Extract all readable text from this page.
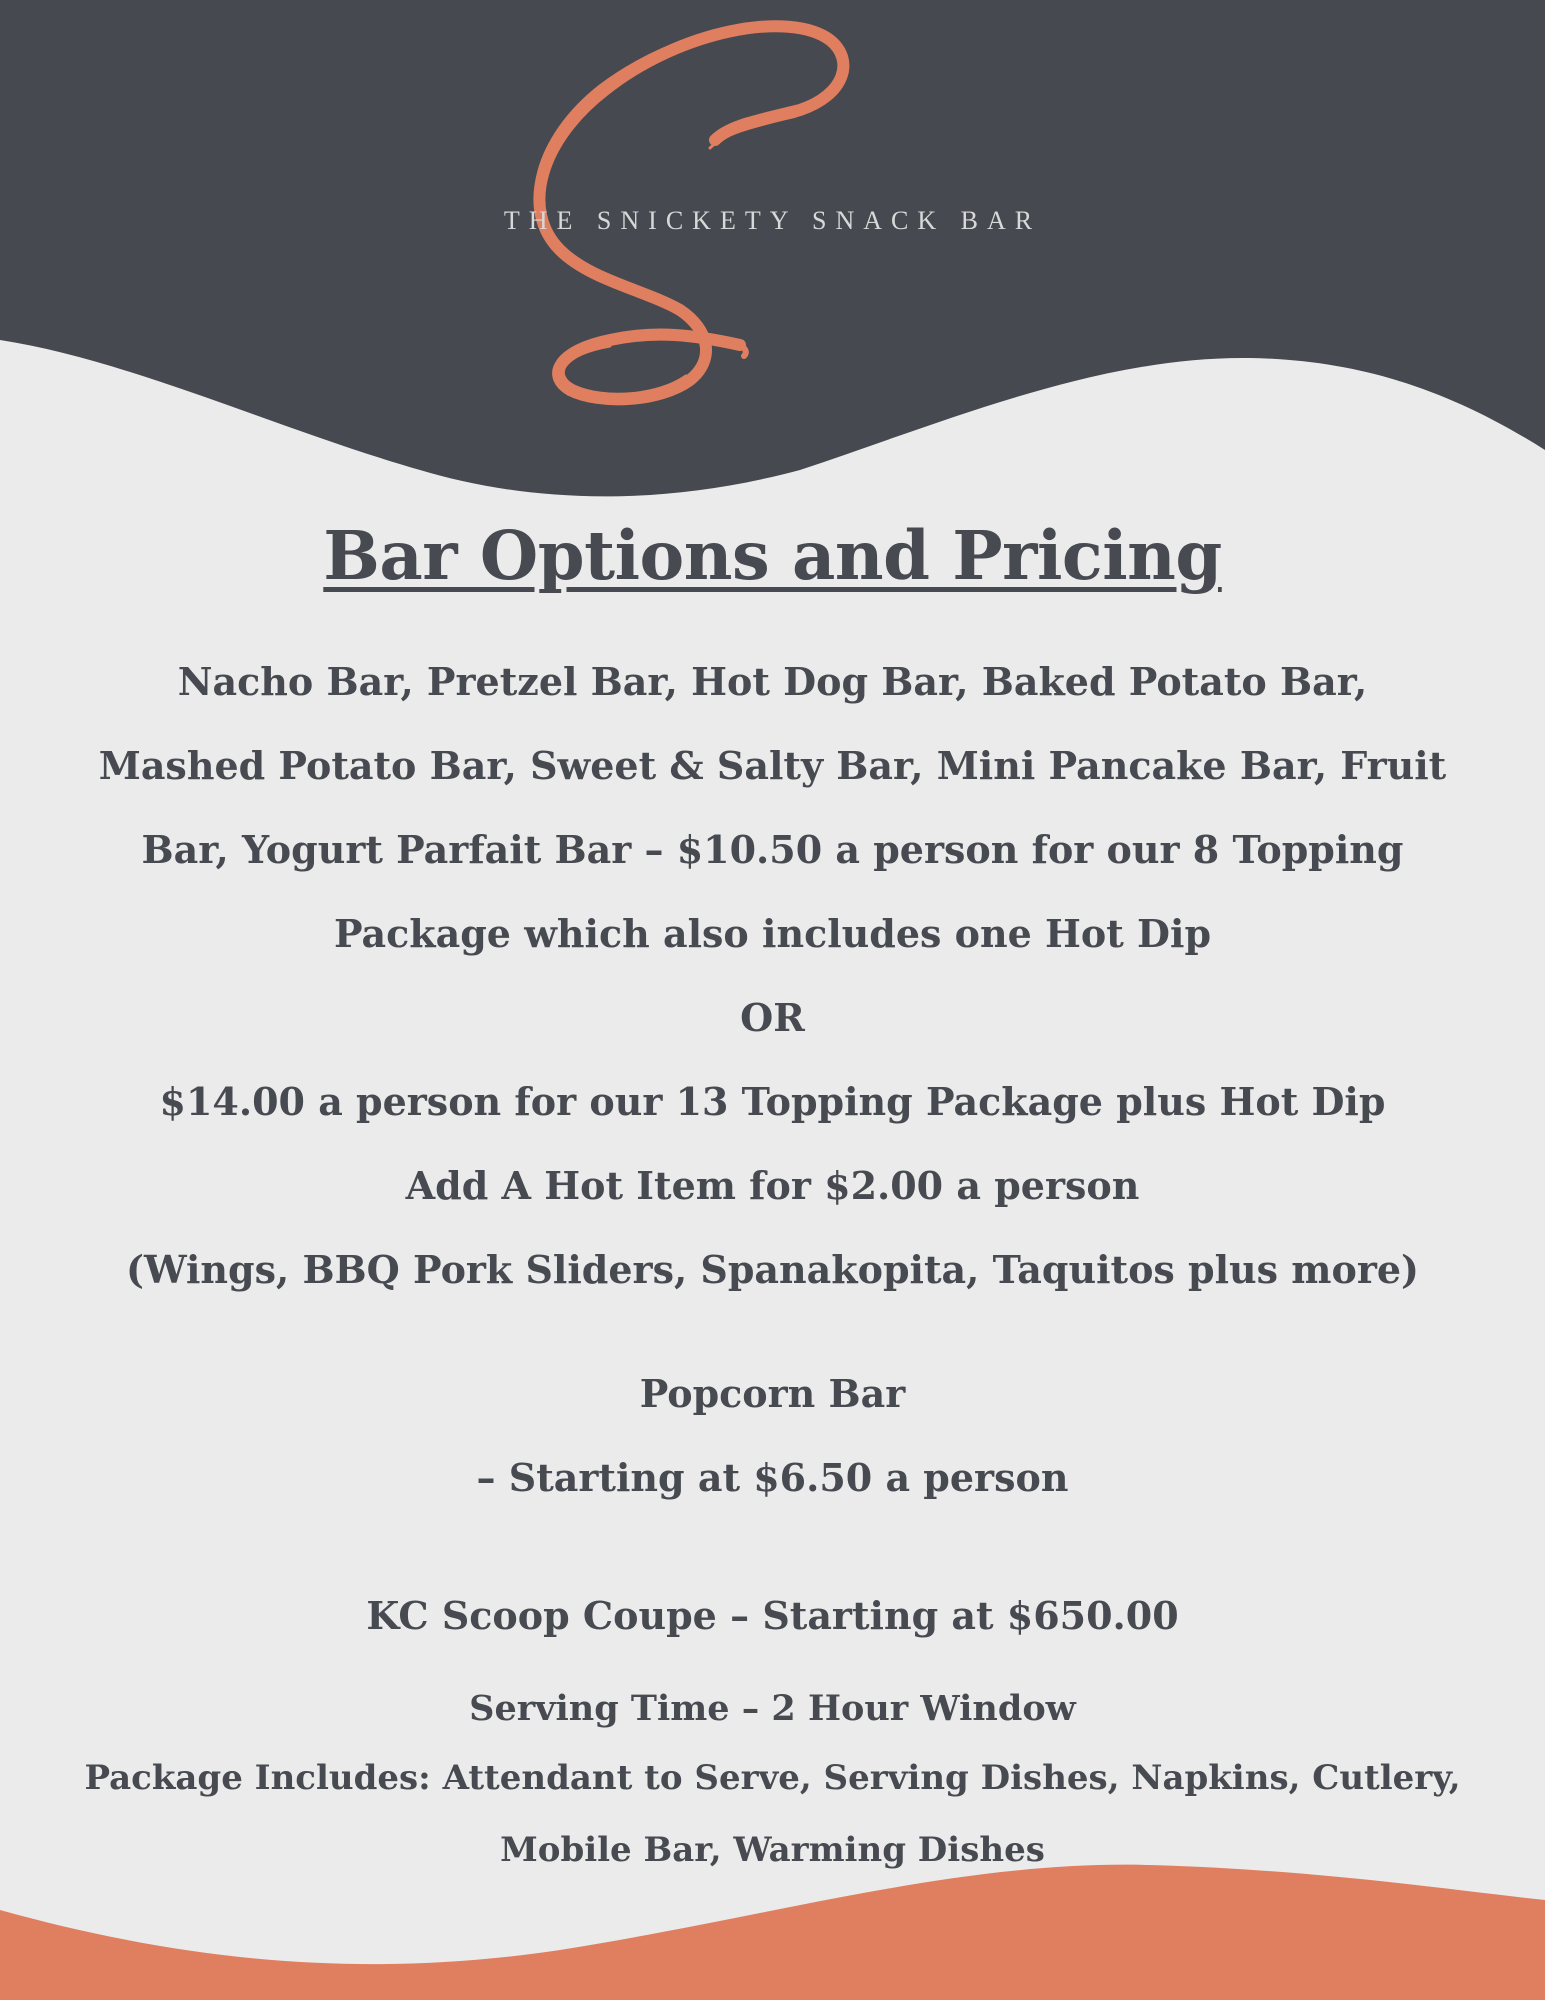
THE SNICKETY SNACK BAR
Bar Options and Pricing
Nacho Bar, Pretzel Bar, Hot Dog Bar, Baked Potato Bar,
Mashed Potato Bar, Sweet & Salty Bar, Mini Pancake Bar, Fruit
Bar, Yogurt Parfait Bar – $10.50 a person for our 8 Topping
Package which also includes one Hot Dip
OR
$14.00 a person for our 13 Topping Package plus Hot Dip
Add A Hot Item for $2.00 a person
(Wings, BBQ Pork Sliders, Spanakopita, Taquitos plus more)
Popcorn Bar
– Starting at $6.50 a person
KC Scoop Coupe – Starting at $650.00
Serving Time – 2 Hour Window
Package Includes: Attendant to Serve, Serving Dishes, Napkins, Cutlery,
Mobile Bar, Warming Dishes
